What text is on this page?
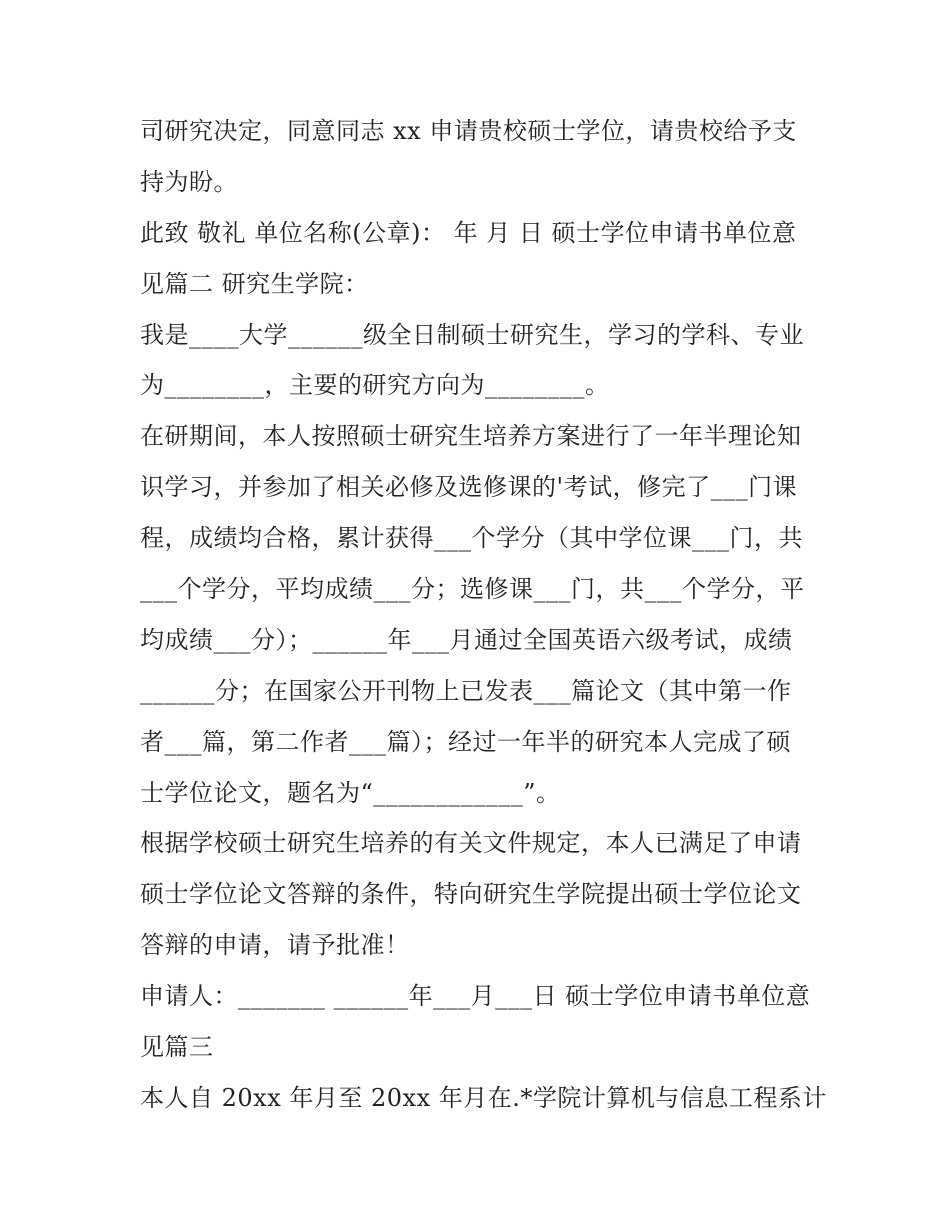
司研究决定，同意同志 xx 申请贵校硕士学位，请贵校给予支
持为盼。
此致 敬礼 单位名称(公章)： 年 月 日 硕士学位申请书单位意
见篇二 研究生学院：
我是____大学______级全日制硕士研究生，学习的学科、专业
为________，主要的研究方向为________。
在研期间，本人按照硕士研究生培养方案进行了一年半理论知
识学习，并参加了相关必修及选修课的'考试，修完了___门课
程，成绩均合格，累计获得___个学分（其中学位课___门，共
___个学分，平均成绩___分；选修课___门，共___个学分，平
均成绩___分）；______年___月通过全国英语六级考试，成绩
______分；在国家公开刊物上已发表___篇论文（其中第一作
者___篇，第二作者___篇）；经过一年半的研究本人完成了硕
士学位论文，题名为“____________”。
根据学校硕士研究生培养的有关文件规定，本人已满足了申请
硕士学位论文答辩的条件，特向研究生学院提出硕士学位论文
答辩的申请，请予批准！
申请人：_______ ______年___月___日 硕士学位申请书单位意
见篇三
本人自 20xx 年月至 20xx 年月在.*学院计算机与信息工程系计
